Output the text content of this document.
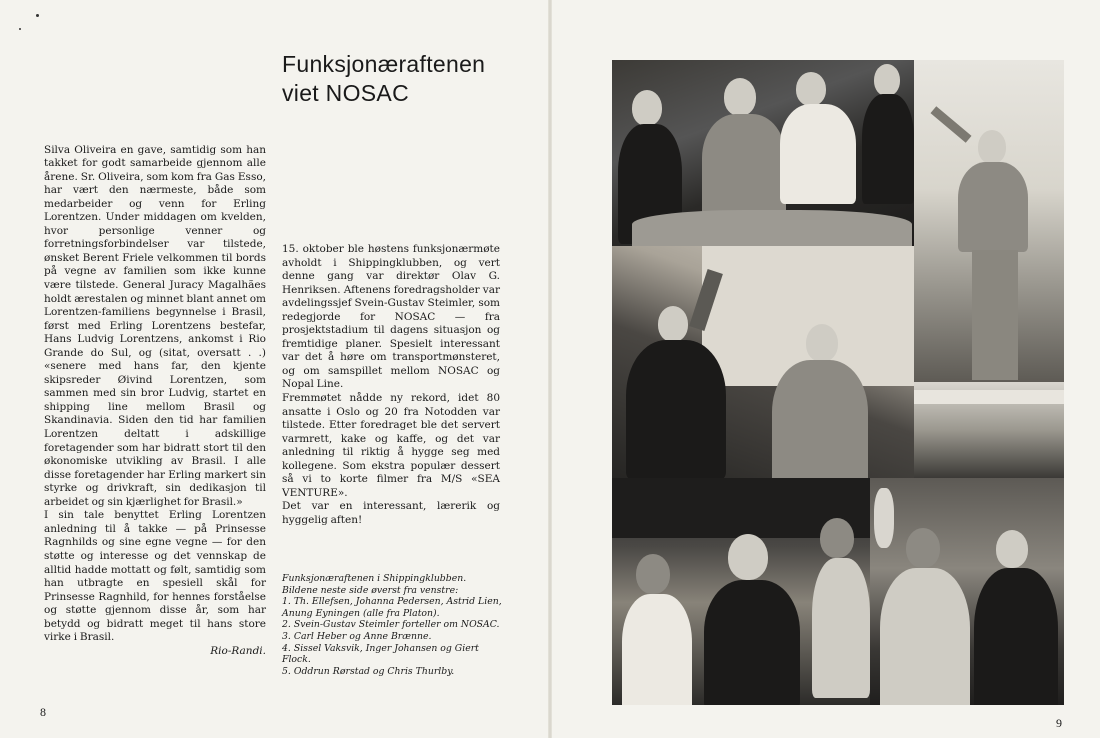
Silva Oliveira en gave, samtidig som han takket for godt samarbeide gjennom alle årene. Sr. Oliveira, som kom fra Gas Esso, har vært den nærmeste, både som medarbeider og venn for Erling Lorentzen. Under middagen om kvelden, hvor personlige venner og forretningsforbindelser var tilstede, ønsket Berent Friele velkommen til bords på vegne av familien som ikke kunne være tilstede. General Juracy Magalhães holdt ærestalen og minnet blant annet om Lorentzen-familiens begynnelse i Brasil, først med Erling Lorentzens bestefar, Hans Ludvig Lorentzens, ankomst i Rio Grande do Sul, og (sitat, oversatt . .) «senere med hans far, den kjente skipsreder Øivind Lorentzen, som sammen med sin bror Ludvig, startet en shipping line mellom Brasil og Skandinavia. Siden den tid har familien Lorentzen deltatt i adskillige foretagender som har bidratt stort til den økonomiske utvikling av Brasil. I alle disse foretagender har Erling markert sin styrke og drivkraft, sin dedikasjon til arbeidet og sin kjærlighet for Brasil.»
I sin tale benyttet Erling Lorentzen anledning til å takke — på Prinsesse Ragnhilds og sine egne vegne — for den støtte og interesse og det vennskap de alltid hadde mottatt og følt, samtidig som han utbragte en spesiell skål for Prinsesse Ragnhild, for hennes forståelse og støtte gjennom disse år, som har betydd og bidratt meget til hans store virke i Brasil.

Rio-Randi.

Funksjonæraftenen
viet NOSAC
15. oktober ble høstens funksjonærmøte avholdt i Shippingklubben, og vert denne gang var direktør Olav G. Henriksen. Aftenens foredragsholder var avdelingssjef Svein-Gustav Steimler, som redegjorde for NOSAC — fra prosjektstadium til dagens situasjon og fremtidige planer. Spesielt interessant var det å høre om transportmønsteret, og om samspillet mellom NOSAC og Nopal Line.
Fremmøtet nådde ny rekord, idet 80 ansatte i Oslo og 20 fra Notodden var tilstede. Etter foredraget ble det servert varmrett, kake og kaffe, og det var anledning til riktig å hygge seg med kollegene. Som ekstra populær dessert så vi to korte filmer fra M/S «SEA VENTURE».
Det var en interessant, lærerik og hyggelig aften!
Funksjonæraftenen i Shippingklubben. Bildene neste side øverst fra venstre:
1. Th. Ellefsen, Johanna Pedersen, Astrid Lien, Anung Eyningen (alle fra Platon).
2. Svein-Gustav Steimler forteller om NOSAC.
3. Carl Heber og Anne Brænne.
4. Sissel Vaksvik, Inger Johansen og Giert Flock.
5. Oddrun Rørstad og Chris Thurlby.
8
9
